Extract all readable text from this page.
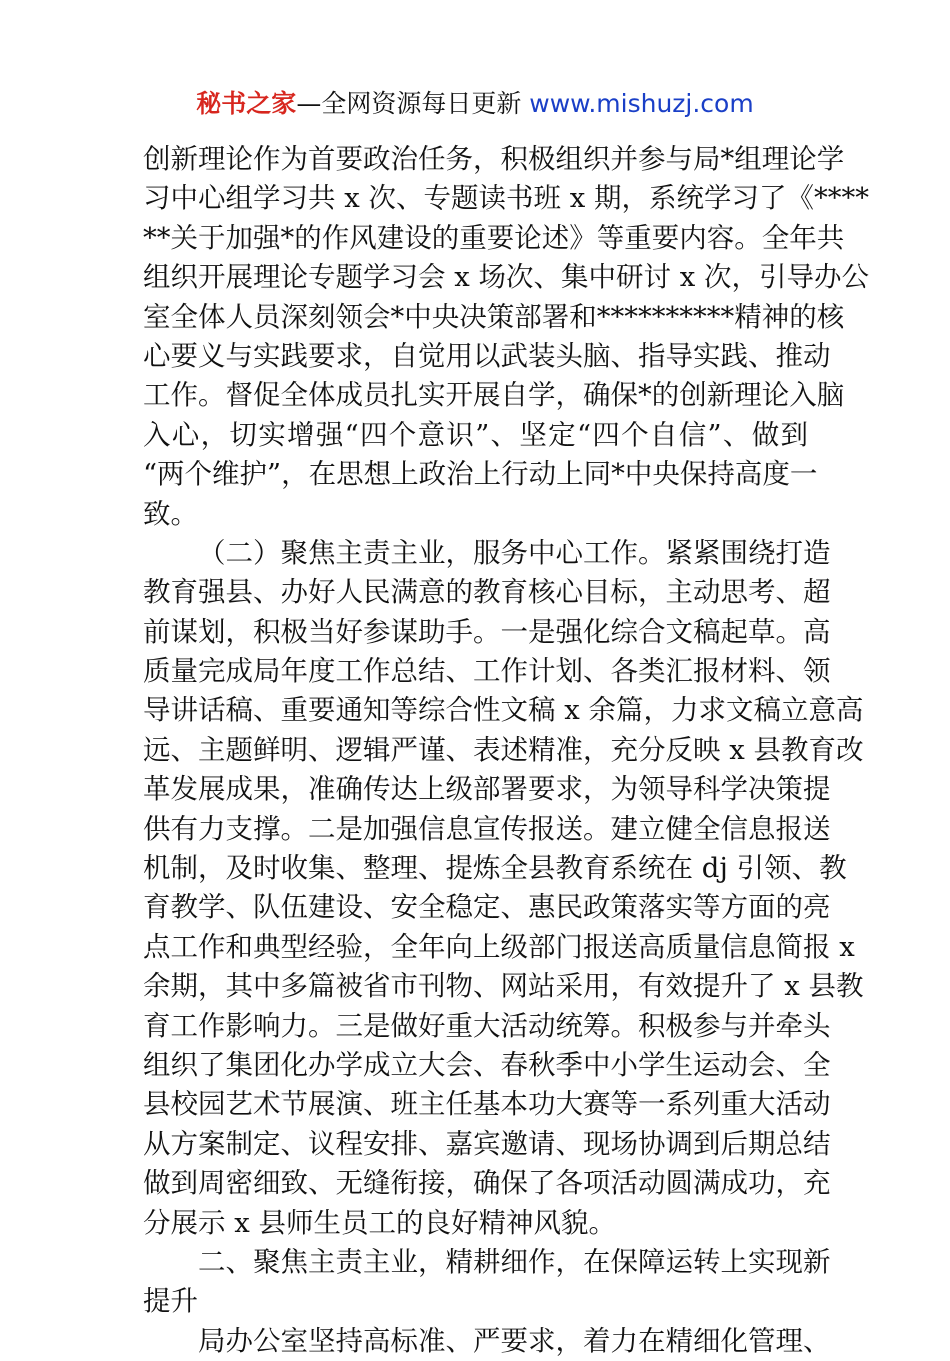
秘书之家—全网资源每日更新 www.mishuzj.com
创新理论作为首要政治任务，积极组织并参与局*组理论学
习中心组学习共 x 次、专题读书班 x 期，系统学习了《****
**关于加强*的作风建设的重要论述》等重要内容。全年共
组织开展理论专题学习会 x 场次、集中研讨 x 次，引导办公
室全体人员深刻领会*中央决策部署和**********精神的核
心要义与实践要求，自觉用以武装头脑、指导实践、推动
工作。督促全体成员扎实开展自学，确保*的创新理论入脑
入心，切实增强“四个意识”、坚定“四个自信”、做到
“两个维护”，在思想上政治上行动上同*中央保持高度一
致。
（二）聚焦主责主业，服务中心工作。紧紧围绕打造
教育强县、办好人民满意的教育核心目标，主动思考、超
前谋划，积极当好参谋助手。一是强化综合文稿起草。高
质量完成局年度工作总结、工作计划、各类汇报材料、领
导讲话稿、重要通知等综合性文稿 x 余篇，力求文稿立意高
远、主题鲜明、逻辑严谨、表述精准，充分反映 x 县教育改
革发展成果，准确传达上级部署要求，为领导科学决策提
供有力支撑。二是加强信息宣传报送。建立健全信息报送
机制，及时收集、整理、提炼全县教育系统在 dj 引领、教
育教学、队伍建设、安全稳定、惠民政策落实等方面的亮
点工作和典型经验，全年向上级部门报送高质量信息简报 x
余期，其中多篇被省市刊物、网站采用，有效提升了 x 县教
育工作影响力。三是做好重大活动统筹。积极参与并牵头
组织了集团化办学成立大会、春秋季中小学生运动会、全
县校园艺术节展演、班主任基本功大赛等一系列重大活动
从方案制定、议程安排、嘉宾邀请、现场协调到后期总结
做到周密细致、无缝衔接，确保了各项活动圆满成功，充
分展示 x 县师生员工的良好精神风貌。
二、聚焦主责主业，精耕细作，在保障运转上实现新
提升
局办公室坚持高标准、严要求，着力在精细化管理、
